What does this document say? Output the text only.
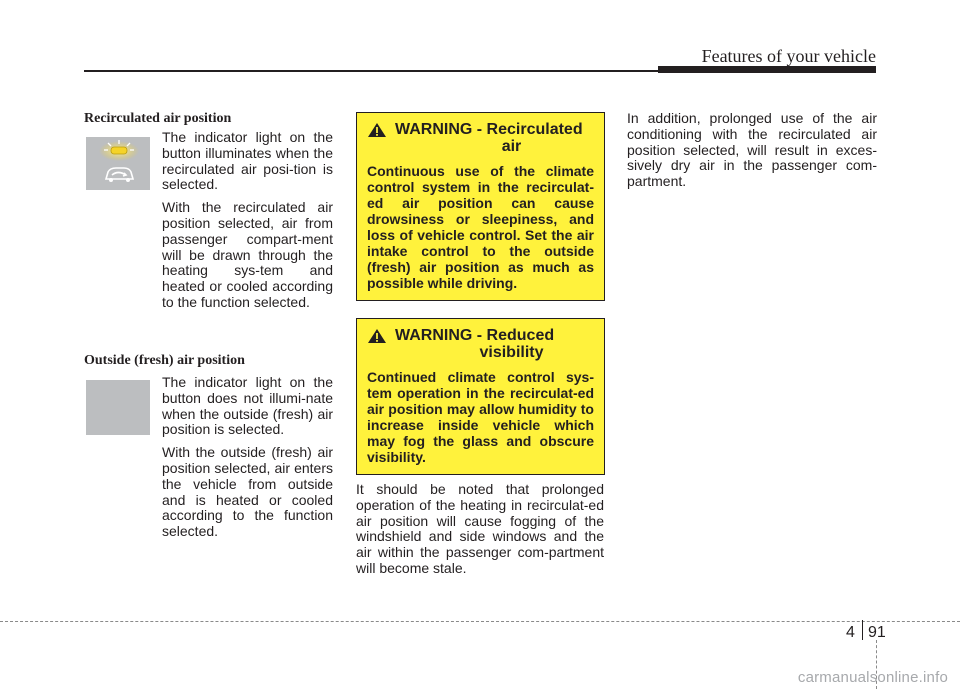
Features of your vehicle
Recirculated air position

The indicator light on the button illuminates when the recirculated air posi-tion is selected.

With the recirculated air position selected, air from passenger compart-ment will be drawn through the heating sys-tem and heated or cooled according to the function selected.

Outside (fresh) air position

The indicator light on the button does not illumi-nate when the outside (fresh) air position is selected.

With the outside (fresh) air position selected, air enters the vehicle from outside and is heated or cooled according to the function selected.

WARNING - Recirculated
air
Continuous use of the climate control system in the recirculat-ed air position can cause drowsiness or sleepiness, and loss of vehicle control. Set the air intake control to the outside (fresh) air position as much as possible while driving.
WARNING - Reduced
visibility
Continued climate control sys-tem operation in the recirculat-ed air position may allow humidity to increase inside vehicle which may fog the glass and obscure visibility.
It should be noted that prolonged operation of the heating in recirculat-ed air position will cause fogging of the windshield and side windows and the air within the passenger com-partment will become stale.
In addition, prolonged use of the air conditioning with the recirculated air position selected, will result in exces-sively dry air in the passenger com-partment.
4 91
carmanualsonline.info
